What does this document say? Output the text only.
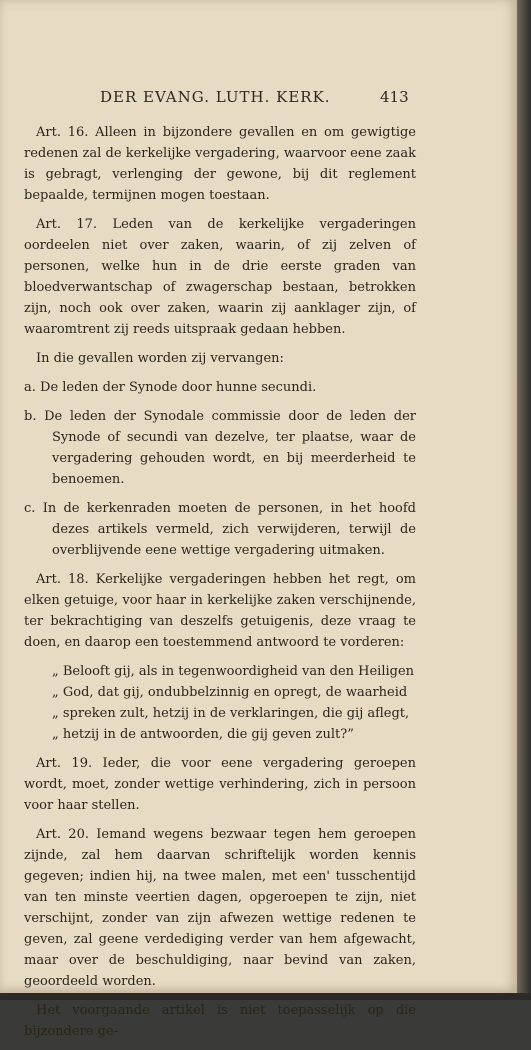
DER EVANG. LUTH. KERK.	413

Art. 16. Alleen in bijzondere gevallen en om gewigtige redenen zal de kerkelijke vergadering, waarvoor eene zaak is gebragt, verlenging der gewone, bij dit reglement bepaalde, termijnen mogen toestaan.

Art. 17. Leden van de kerkelijke vergaderingen oordeelen niet over zaken, waarin, of zij zelven of personen, welke hun in de drie eerste graden van bloedverwantschap of zwagerschap bestaan, betrokken zijn, noch ook over zaken, waarin zij aanklager zijn, of waaromtrent zij reeds uitspraak gedaan hebben.

In die gevallen worden zij vervangen:

a. De leden der Synode door hunne secundi.

b. De leden der Synodale commissie door de leden der Synode of secundi van dezelve, ter plaatse, waar de vergadering gehouden wordt, en bij meerderheid te benoemen.

c. In de kerkenraden moeten de personen, in het hoofd dezes artikels vermeld, zich verwijderen, terwijl de overblijvende eene wettige vergadering uitmaken.

Art. 18. Kerkelijke vergaderingen hebben het regt, om elken getuige, voor haar in kerkelijke zaken verschijnende, ter bekrachtiging van deszelfs getuigenis, deze vraag te doen, en daarop een toestemmend antwoord te vorderen:

„ Belooft gij, als in tegenwoordigheid van den Heiligen
„ God, dat gij, ondubbelzinnig en opregt, de waarheid
„ spreken zult, hetzij in de verklaringen, die gij aflegt,
„ hetzij in de antwoorden, die gij geven zult?”

Art. 19. Ieder, die voor eene vergadering geroepen wordt, moet, zonder wettige verhindering, zich in persoon voor haar stellen.

Art. 20. Iemand wegens bezwaar tegen hem geroepen zijnde, zal hem daarvan schriftelijk worden kennis gegeven; indien hij, na twee malen, met een' tusschentijd van ten minste veertien dagen, opgeroepen te zijn, niet verschijnt, zonder van zijn afwezen wettige redenen te geven, zal geene verdediging verder van hem afgewacht, maar over de beschuldiging, naar bevind van zaken, geoordeeld worden.

Het voorgaande artikel is niet toepasselijk op die bijzondere ge-
